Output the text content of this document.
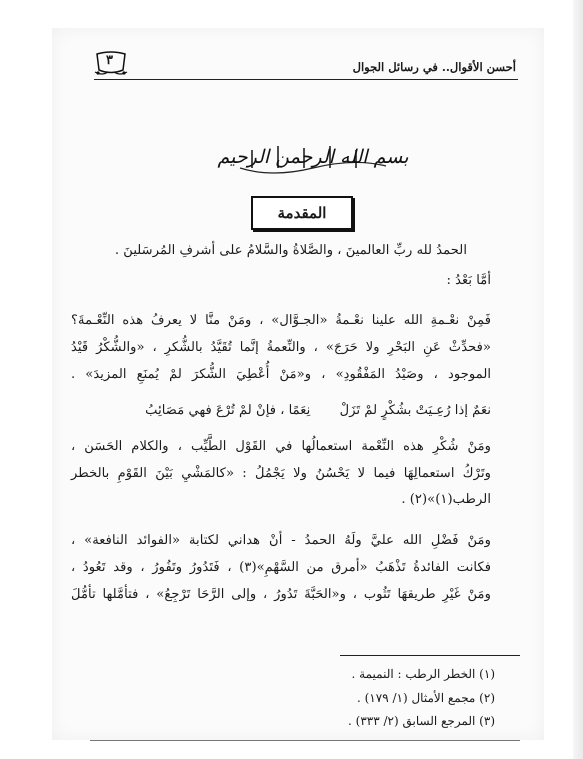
أحسن الأقوال.. في رسائل الجوال
٣
بسم الله الرحمن الرحيم
المقدمة
الحمدُ لله ربِّ العالمينَ ، والصَّلاةُ والسَّلامُ على أشرفِ المُرسَلينَ .
أمَّا بَعْدُ :
فَمِنْ نعْـمةِ الله علينا نعْـمةُ «الجـوَّال» ، ومَنْ منَّا لا يعرفُ هذه النِّعْـمةَ؟
«فحدِّثْ عَنِ البَحْرِ ولا حَرَجَ» ، والنِّعمةُ إنَّما تُقَيَّدُ بالشُّكرِ ، «والشُّكْرُ قَيْدُ
الموجود ، وصَيْدُ المَفْقُودِ» ، و«مَنْ أُعْطِيَ الشُّكرَ لمْ يُمنَعِ المزيدَ» .
نعَمٌ إذا رُعِـيَتْ بشُكْرٍ لمْ تَزَلْ       نِعَمًا ، فإنْ لمْ تُرْعَ فهي مَصَائِبُ
ومَنْ شُكْرِ هذه النِّعْمة استعمالُها في القَوْل الطَّيِّب ، والكلام الحَسَن ،
وتَرْكُ استعمالِهَا فيما لا يَحْسُنُ ولا يَجْمُلُ : «كالمَشْيِ بَيْنَ القَوْمِ بالخطر
الرطب(١)»(٢) .
ومَنْ فَضْلِ الله عليَّ ولَهُ الحمدُ - أنْ هداني لكتابة «الفوائد النافعة» ،
فكانت الفائدةُ تَذْهَبُ «أمرق من السَّهْمِ»(٣) ، فَتَدُورُ وتَفُورُ ، وقد تَعُودُ ،
ومَنْ غَيْرِ طريقهَا تَثُوب ، و«الحَبَّةَ تَدُورُ ، وإلى الرَّحَا تَرْجِعُ» ، فتأمَّلها تأمُّلَ
(١) الخطر الرطب : النميمة .
(٢) مجمع الأمثال (١/ ١٧٩) .
(٣) المرجع السابق (٢/ ٣٣٣) .
